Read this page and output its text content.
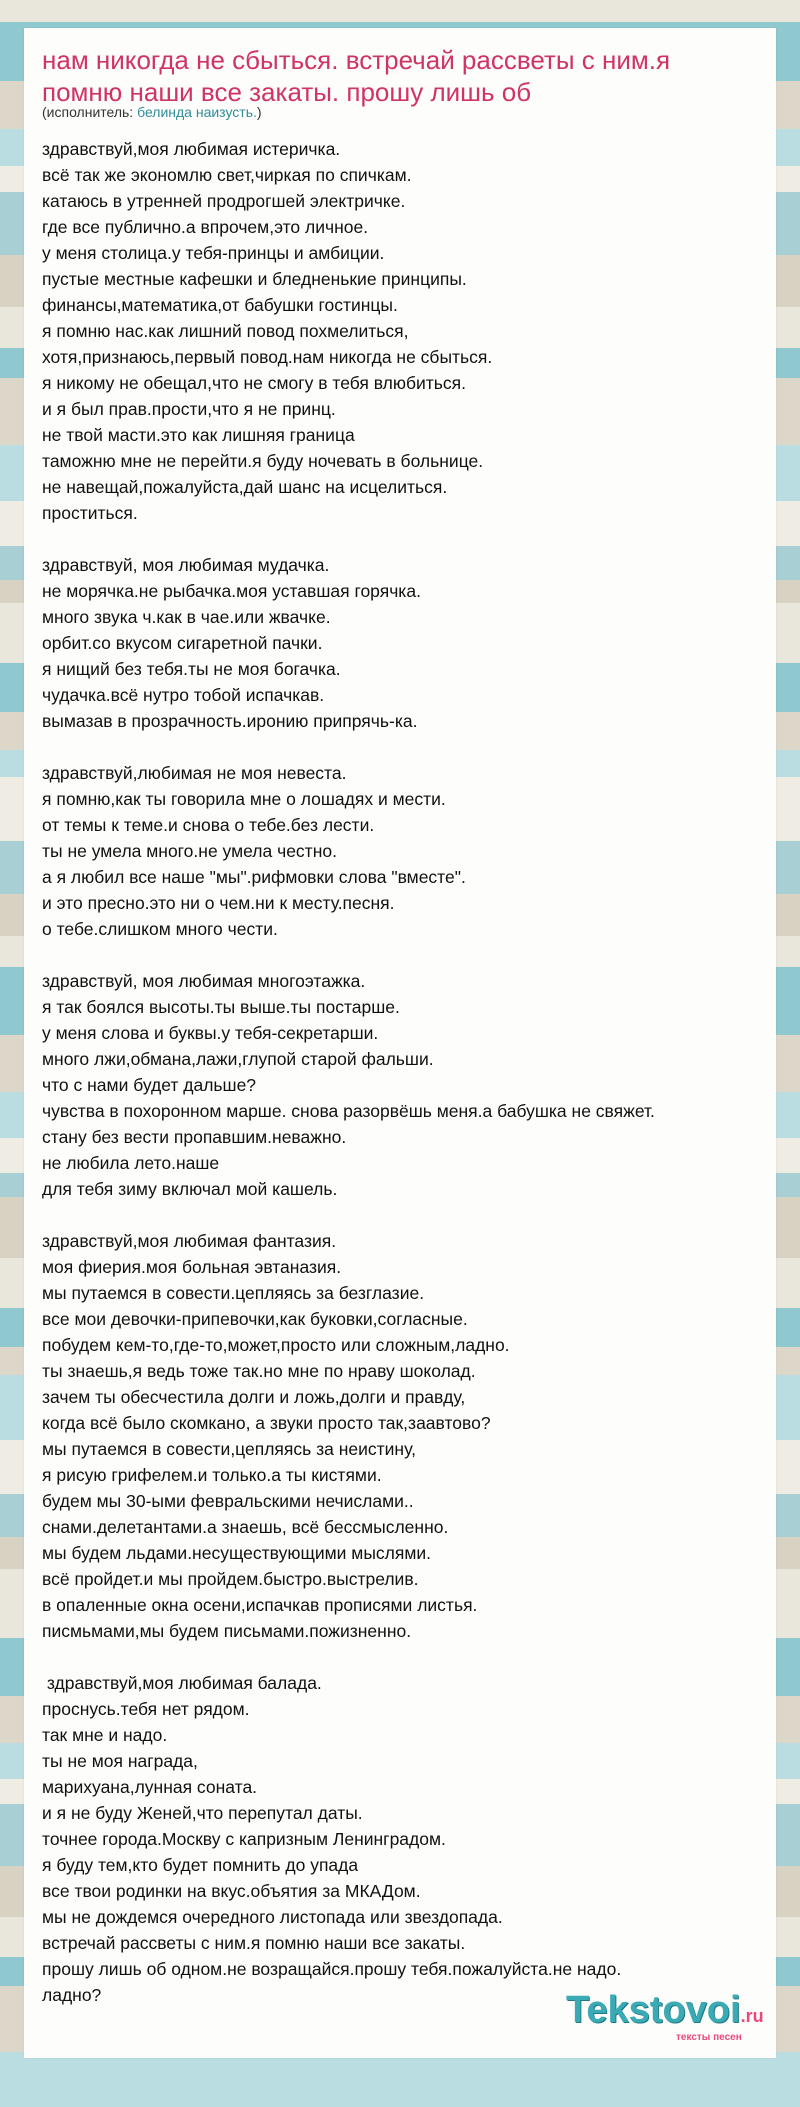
нам никогда не сбыться. встречай рассветы с ним.я помню наши все закаты. прошу лишь об
(исполнитель: белинда наизусть.)
здравствуй,моя любимая истеричка.
всё так же экономлю свет,чиркая по спичкам.
катаюсь в утренней продрогшей электричке.
где все публично.а впрочем,это личное.
у меня столица.у тебя-принцы и амбиции.
пустые местные кафешки и бледненькие принципы.
финансы,математика,от бабушки гостинцы.
я помню нас.как лишний повод похмелиться,
хотя,признаюсь,первый повод.нам никогда не сбыться.
я никому не обещал,что не смогу в тебя влюбиться.
и я был прав.прости,что я не принц.
не твой масти.это как лишняя граница
таможню мне не перейти.я буду ночевать в больнице.
не навещай,пожалуйста,дай шанс на исцелиться.
проститься.
здравствуй, моя любимая мудачка.
не морячка.не рыбачка.моя уставшая горячка.
много звука ч.как в чае.или жвачке.
орбит.со вкусом сигаретной пачки.
я нищий без тебя.ты не моя богачка.
чудачка.всё нутро тобой испачкав.
вымазав в прозрачность.иронию припрячь-ка.
здравствуй,любимая не моя невеста.
я помню,как ты говорила мне о лошадях и мести.
от темы к теме.и снова о тебе.без лести.
ты не умела много.не умела честно.
а я любил все наше "мы".рифмовки слова "вместе".
и это пресно.это ни о чем.ни к месту.песня.
о тебе.слишком много чести.
здравствуй, моя любимая многоэтажка.
я так боялся высоты.ты выше.ты постарше.
у меня слова и буквы.у тебя-секретарши.
много лжи,обмана,лажи,глупой старой фальши.
что с нами будет дальше?
чувства в похоронном марше. снова разорвёшь меня.а бабушка не свяжет.
стану без вести пропавшим.неважно.
не любила лето.наше
для тебя зиму включал мой кашель.
здравствуй,моя любимая фантазия.
моя фиерия.моя больная эвтаназия.
мы путаемся в совести.цепляясь за безглазие.
все мои девочки-припевочки,как буковки,согласные.
побудем кем-то,где-то,может,просто или сложным,ладно.
ты знаешь,я ведь тоже так.но мне по нраву шоколад.
зачем ты обесчестила долги и ложь,долги и правду,
когда всё было скомкано, а звуки просто так,заавтово?
мы путаемся в совести,цепляясь за неистину,
я рисую грифелем.и только.а ты кистями.
будем мы 30-ыми февральскими нечислами..
снами.делетантами.а знаешь, всё бессмысленно.
мы будем льдами.несуществующими мыслями.
всё пройдет.и мы пройдем.быстро.выстрелив.
в опаленные окна осени,испачкав прописями листья.
писмьмами,мы будем письмами.пожизненно.
здравствуй,моя любимая балада.
проснусь.тебя нет рядом.
так мне и надо.
ты не моя награда,
марихуана,лунная соната.
и я не буду Женей,что перепутал даты.
точнее города.Москву с капризным Ленинградом.
я буду тем,кто будет помнить до упада
все твои родинки на вкус.объятия за МКАДом.
мы не дождемся очередного листопада или звездопада.
встречай рассветы с ним.я помню наши все закаты.
прошу лишь об одном.не возращайся.прошу тебя.пожалуйста.не надо.
ладно?	Tekstovoi.ru
тексты песен
